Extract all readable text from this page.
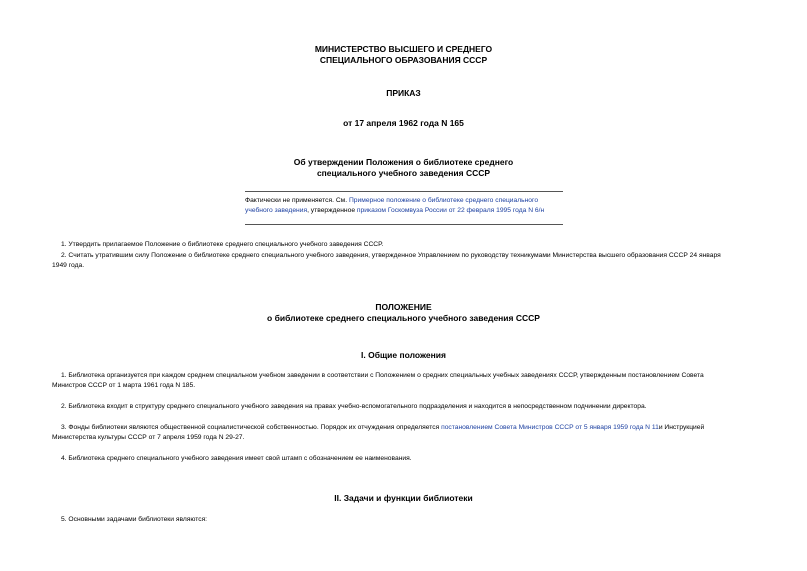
МИНИСТЕРСТВО ВЫСШЕГО И СРЕДНЕГО
СПЕЦИАЛЬНОГО ОБРАЗОВАНИЯ СССР
ПРИКАЗ
от 17 апреля 1962 года N 165
Об утверждении Положения о библиотеке среднего
специального учебного заведения СССР
Фактически не применяется. См. Примерное положение о библиотеке среднего специального
учебного заведения, утвержденное приказом Госкомвуза России от 22 февраля 1995 года N 6/н
1. Утвердить прилагаемое Положение о библиотеке среднего специального учебного заведения СССР.
2. Считать утратившим силу Положение о библиотеке среднего специального учебного заведения, утвержденное Управлением по руководству техникумами Министерства высшего образования СССР 24 января
1949 года.
ПОЛОЖЕНИЕ
о библиотеке среднего специального учебного заведения СССР
I. Общие положения
1. Библиотека организуется при каждом среднем специальном учебном заведении в соответствии с Положением о средних специальных учебных заведениях СССР, утвержденным постановлением Совета
Министров СССР от 1 марта 1961 года N 185.
2. Библиотека входит в структуру среднего специального учебного заведения на правах учебно-вспомогательного подразделения и находится в непосредственном подчинении директора.
3. Фонды библиотеки являются общественной социалистической собственностью. Порядок их отчуждения определяется постановлением Совета Министров СССР от 5 января 1959 года N 11и Инструкцией
Министерства культуры СССР от 7 апреля 1959 года N 29-27.
4. Библиотека среднего специального учебного заведения имеет свой штамп с обозначением ее наименования.
II. Задачи и функции библиотеки
5. Основными задачами библиотеки являются:
